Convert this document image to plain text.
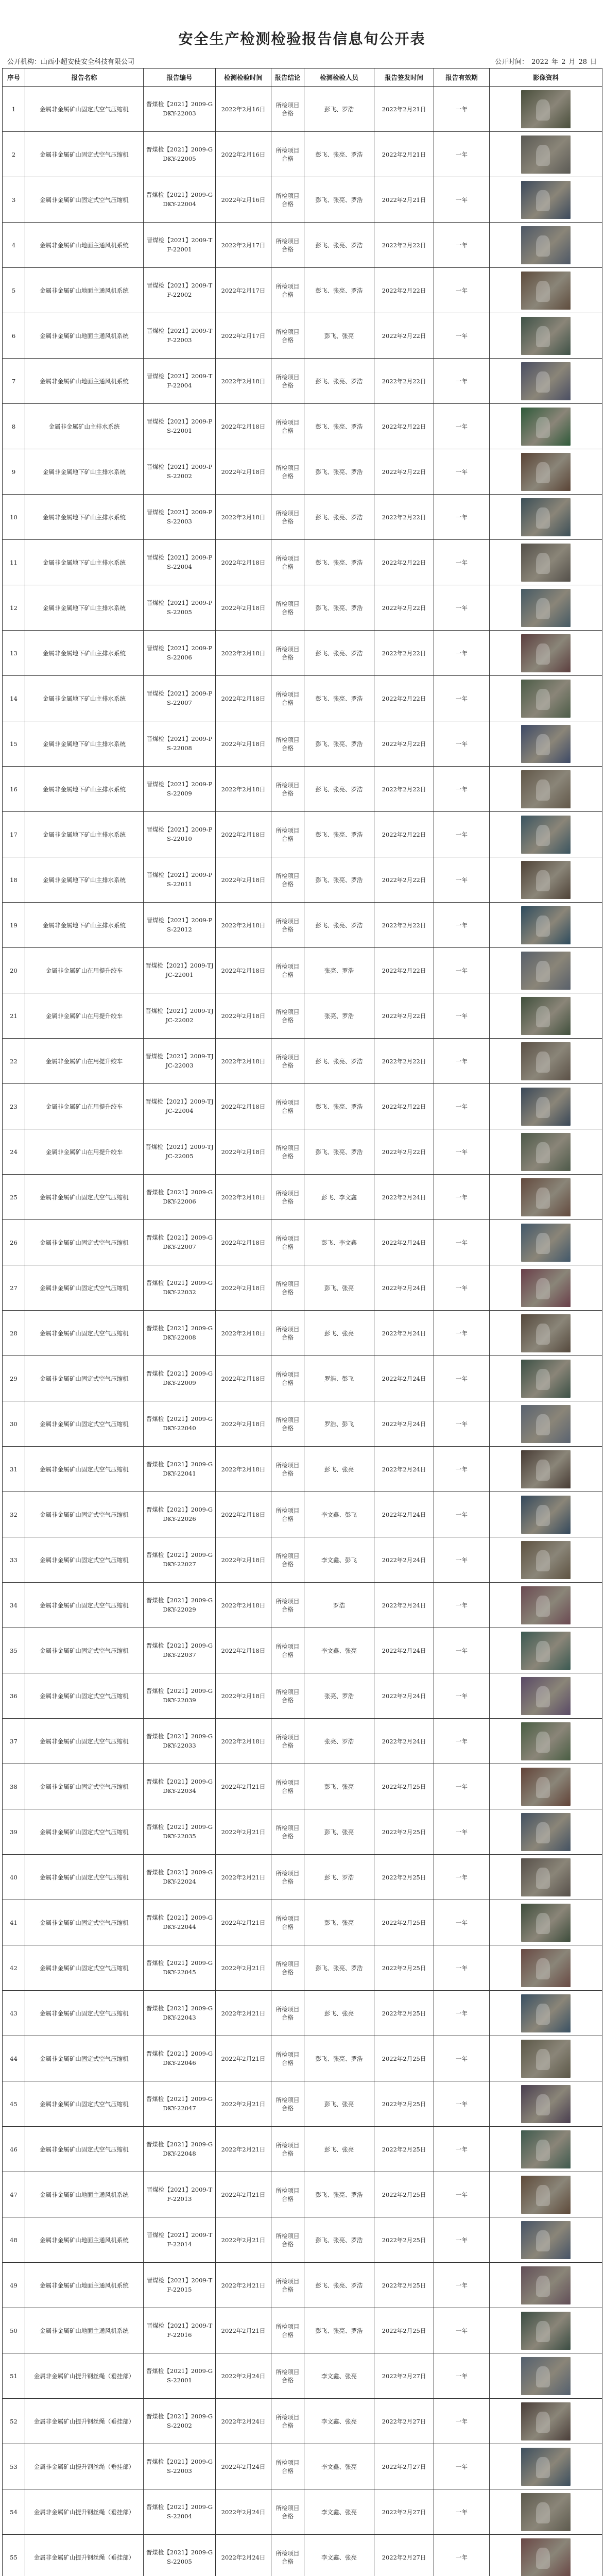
安全生产检测检验报告信息旬公开表
公开机构：山西小超安使安全科技有限公司	公开时间： 2022 年 2 月 28 日
序号	报告名称	报告编号	检测检验时间	报告结论	检测检验人员	报告签发时间	报告有效期	影像资料
1	金属非金属矿山固定式空气压缩机	晋煤检【2021】2009-GDKY-22003	2022年2月16日	所检项目合格	彭飞、罗浩	2022年2月21日	一年	

2	金属非金属矿山固定式空气压缩机	晋煤检【2021】2009-GDKY-22005	2022年2月16日	所检项目合格	彭飞、张亮、罗浩	2022年2月21日	一年	

3	金属非金属矿山固定式空气压缩机	晋煤检【2021】2009-GDKY-22004	2022年2月16日	所检项目合格	彭飞、张亮、罗浩	2022年2月21日	一年	

4	金属非金属矿山地面主通风机系统	晋煤检【2021】2009-TF-22001	2022年2月17日	所检项目合格	彭飞、张亮、罗浩	2022年2月22日	一年	

5	金属非金属矿山地面主通风机系统	晋煤检【2021】2009-TF-22002	2022年2月17日	所检项目合格	彭飞、张亮、罗浩	2022年2月22日	一年	

6	金属非金属矿山地面主通风机系统	晋煤检【2021】2009-TF-22003	2022年2月17日	所检项目合格	彭飞、张亮	2022年2月22日	一年	

7	金属非金属矿山地面主通风机系统	晋煤检【2021】2009-TF-22004	2022年2月18日	所检项目合格	彭飞、张亮、罗浩	2022年2月22日	一年	

8	金属非金属矿山主排水系统	晋煤检【2021】2009-PS-22001	2022年2月18日	所检项目合格	彭飞、张亮、罗浩	2022年2月22日	一年	

9	金属非金属地下矿山主排水系统	晋煤检【2021】2009-PS-22002	2022年2月18日	所检项目合格	彭飞、张亮、罗浩	2022年2月22日	一年	

10	金属非金属地下矿山主排水系统	晋煤检【2021】2009-PS-22003	2022年2月18日	所检项目合格	彭飞、张亮、罗浩	2022年2月22日	一年	

11	金属非金属地下矿山主排水系统	晋煤检【2021】2009-PS-22004	2022年2月18日	所检项目合格	彭飞、张亮、罗浩	2022年2月22日	一年	

12	金属非金属地下矿山主排水系统	晋煤检【2021】2009-PS-22005	2022年2月18日	所检项目合格	彭飞、张亮、罗浩	2022年2月22日	一年	

13	金属非金属地下矿山主排水系统	晋煤检【2021】2009-PS-22006	2022年2月18日	所检项目合格	彭飞、张亮、罗浩	2022年2月22日	一年	

14	金属非金属地下矿山主排水系统	晋煤检【2021】2009-PS-22007	2022年2月18日	所检项目合格	彭飞、张亮、罗浩	2022年2月22日	一年	

15	金属非金属地下矿山主排水系统	晋煤检【2021】2009-PS-22008	2022年2月18日	所检项目合格	彭飞、张亮、罗浩	2022年2月22日	一年	

16	金属非金属地下矿山主排水系统	晋煤检【2021】2009-PS-22009	2022年2月18日	所检项目合格	彭飞、张亮、罗浩	2022年2月22日	一年	

17	金属非金属地下矿山主排水系统	晋煤检【2021】2009-PS-22010	2022年2月18日	所检项目合格	彭飞、张亮、罗浩	2022年2月22日	一年	

18	金属非金属地下矿山主排水系统	晋煤检【2021】2009-PS-22011	2022年2月18日	所检项目合格	彭飞、张亮、罗浩	2022年2月22日	一年	

19	金属非金属地下矿山主排水系统	晋煤检【2021】2009-PS-22012	2022年2月18日	所检项目合格	彭飞、张亮、罗浩	2022年2月22日	一年	

20	金属非金属矿山在用提升绞车	晋煤检【2021】2009-TJJC-22001	2022年2月18日	所检项目合格	张亮、罗浩	2022年2月22日	一年	

21	金属非金属矿山在用提升绞车	晋煤检【2021】2009-TJJC-22002	2022年2月18日	所检项目合格	张亮、罗浩	2022年2月22日	一年	

22	金属非金属矿山在用提升绞车	晋煤检【2021】2009-TJJC-22003	2022年2月18日	所检项目合格	彭飞、张亮、罗浩	2022年2月22日	一年	

23	金属非金属矿山在用提升绞车	晋煤检【2021】2009-TJJC-22004	2022年2月18日	所检项目合格	彭飞、张亮、罗浩	2022年2月22日	一年	

24	金属非金属矿山在用提升绞车	晋煤检【2021】2009-TJJC-22005	2022年2月18日	所检项目合格	彭飞、张亮、罗浩	2022年2月22日	一年	

25	金属非金属矿山固定式空气压缩机	晋煤检【2021】2009-GDKY-22006	2022年2月18日	所检项目合格	彭飞、李文鑫	2022年2月24日	一年	

26	金属非金属矿山固定式空气压缩机	晋煤检【2021】2009-GDKY-22007	2022年2月18日	所检项目合格	彭飞、李文鑫	2022年2月24日	一年	

27	金属非金属矿山固定式空气压缩机	晋煤检【2021】2009-GDKY-22032	2022年2月18日	所检项目合格	彭飞、张亮	2022年2月24日	一年	

28	金属非金属矿山固定式空气压缩机	晋煤检【2021】2009-GDKY-22008	2022年2月18日	所检项目合格	彭飞、张亮	2022年2月24日	一年	

29	金属非金属矿山固定式空气压缩机	晋煤检【2021】2009-GDKY-22009	2022年2月18日	所检项目合格	罗浩、彭飞	2022年2月24日	一年	

30	金属非金属矿山固定式空气压缩机	晋煤检【2021】2009-GDKY-22040	2022年2月18日	所检项目合格	罗浩、彭飞	2022年2月24日	一年	

31	金属非金属矿山固定式空气压缩机	晋煤检【2021】2009-GDKY-22041	2022年2月18日	所检项目合格	彭飞、张亮	2022年2月24日	一年	

32	金属非金属矿山固定式空气压缩机	晋煤检【2021】2009-GDKY-22026	2022年2月18日	所检项目合格	李文鑫、彭飞	2022年2月24日	一年	

33	金属非金属矿山固定式空气压缩机	晋煤检【2021】2009-GDKY-22027	2022年2月18日	所检项目合格	李文鑫、彭飞	2022年2月24日	一年	

34	金属非金属矿山固定式空气压缩机	晋煤检【2021】2009-GDKY-22029	2022年2月18日	所检项目合格	罗浩	2022年2月24日	一年	

35	金属非金属矿山固定式空气压缩机	晋煤检【2021】2009-GDKY-22037	2022年2月18日	所检项目合格	李文鑫、张亮	2022年2月24日	一年	

36	金属非金属矿山固定式空气压缩机	晋煤检【2021】2009-GDKY-22039	2022年2月18日	所检项目合格	张亮、罗浩	2022年2月24日	一年	

37	金属非金属矿山固定式空气压缩机	晋煤检【2021】2009-GDKY-22033	2022年2月18日	所检项目合格	张亮、罗浩	2022年2月24日	一年	

38	金属非金属矿山固定式空气压缩机	晋煤检【2021】2009-GDKY-22034	2022年2月21日	所检项目合格	彭飞、张亮	2022年2月25日	一年	

39	金属非金属矿山固定式空气压缩机	晋煤检【2021】2009-GDKY-22035	2022年2月21日	所检项目合格	彭飞、张亮	2022年2月25日	一年	

40	金属非金属矿山固定式空气压缩机	晋煤检【2021】2009-GDKY-22024	2022年2月21日	所检项目合格	彭飞、罗浩	2022年2月25日	一年	

41	金属非金属矿山固定式空气压缩机	晋煤检【2021】2009-GDKY-22044	2022年2月21日	所检项目合格	彭飞、张亮	2022年2月25日	一年	

42	金属非金属矿山固定式空气压缩机	晋煤检【2021】2009-GDKY-22045	2022年2月21日	所检项目合格	彭飞、张亮、罗浩	2022年2月25日	一年	

43	金属非金属矿山固定式空气压缩机	晋煤检【2021】2009-GDKY-22043	2022年2月21日	所检项目合格	彭飞、张亮	2022年2月25日	一年	

44	金属非金属矿山固定式空气压缩机	晋煤检【2021】2009-GDKY-22046	2022年2月21日	所检项目合格	彭飞、张亮、罗浩	2022年2月25日	一年	

45	金属非金属矿山固定式空气压缩机	晋煤检【2021】2009-GDKY-22047	2022年2月21日	所检项目合格	彭飞、张亮	2022年2月25日	一年	

46	金属非金属矿山固定式空气压缩机	晋煤检【2021】2009-GDKY-22048	2022年2月21日	所检项目合格	彭飞、张亮	2022年2月25日	一年	

47	金属非金属矿山地面主通风机系统	晋煤检【2021】2009-TF-22013	2022年2月21日	所检项目合格	彭飞、张亮、罗浩	2022年2月25日	一年	

48	金属非金属矿山地面主通风机系统	晋煤检【2021】2009-TF-22014	2022年2月21日	所检项目合格	彭飞、张亮、罗浩	2022年2月25日	一年	

49	金属非金属矿山地面主通风机系统	晋煤检【2021】2009-TF-22015	2022年2月21日	所检项目合格	彭飞、张亮、罗浩	2022年2月25日	一年	

50	金属非金属矿山地面主通风机系统	晋煤检【2021】2009-TF-22016	2022年2月21日	所检项目合格	彭飞、张亮、罗浩	2022年2月25日	一年	

51	金属非金属矿山提升钢丝绳（垂挂部）	晋煤检【2021】2009-GS-22001	2022年2月24日	所检项目合格	李文鑫、张亮	2022年2月27日	一年	

52	金属非金属矿山提升钢丝绳（垂挂部）	晋煤检【2021】2009-GS-22002	2022年2月24日	所检项目合格	李文鑫、张亮	2022年2月27日	一年	

53	金属非金属矿山提升钢丝绳（垂挂部）	晋煤检【2021】2009-GS-22003	2022年2月24日	所检项目合格	李文鑫、张亮	2022年2月27日	一年	

54	金属非金属矿山提升钢丝绳（垂挂部）	晋煤检【2021】2009-GS-22004	2022年2月24日	所检项目合格	李文鑫、张亮	2022年2月27日	一年	

55	金属非金属矿山提升钢丝绳（垂挂部）	晋煤检【2021】2009-GS-22005	2022年2月24日	所检项目合格	李文鑫、张亮	2022年2月27日	一年	
